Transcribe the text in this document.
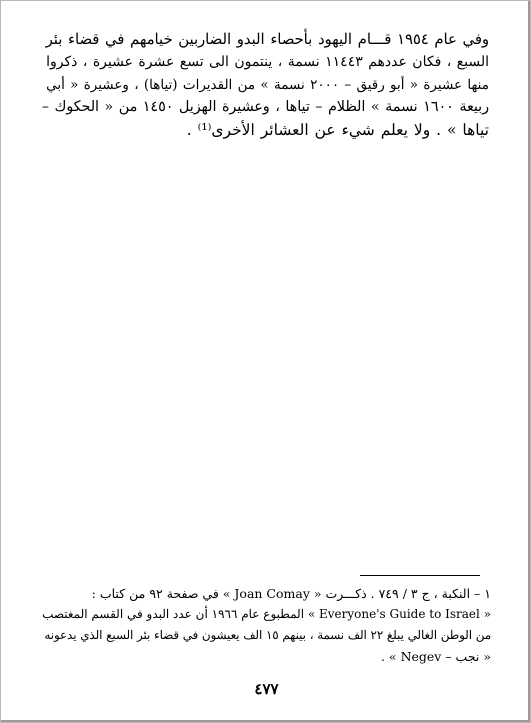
وفي عام ١٩٥٤ قـــام اليهود بأحصاء البدو الضاربين خيامهم في قضاء بئر
السبع ، فكان عددهم ١١٤٤٣ نسمة ، ينتمون الى تسع عشرة عشيرة ، ذكروا
منها عشيرة « أبو رقيق – ٢٠٠٠ نسمة » من القديرات (تياها) ، وعشيرة « أبي
ربيعة ١٦٠٠ نسمة » الظلام – تياها ، وعشيرة الهزيل ١٤٥٠ من « الحكوك –
تياها » . ولا يعلم شيء عن العشائر الأخرى⁽¹⁾ .
١ – النكبة ، ج ٣ / ٧٤٩ . ذكـــرت « Joan Comay » في صفحة ٩٢ من كتاب :
« Everyone's Guide to Israel » المطبوع عام ١٩٦٦ أن عدد البدو في القسم المغتصب
من الوطن الغالي يبلغ ٢٢ الف نسمة ، بينهم ١٥ الف يعيشون في قضاء بئر السبع الذي يدعونه
« نجب – Negev » .
٤٧٧
